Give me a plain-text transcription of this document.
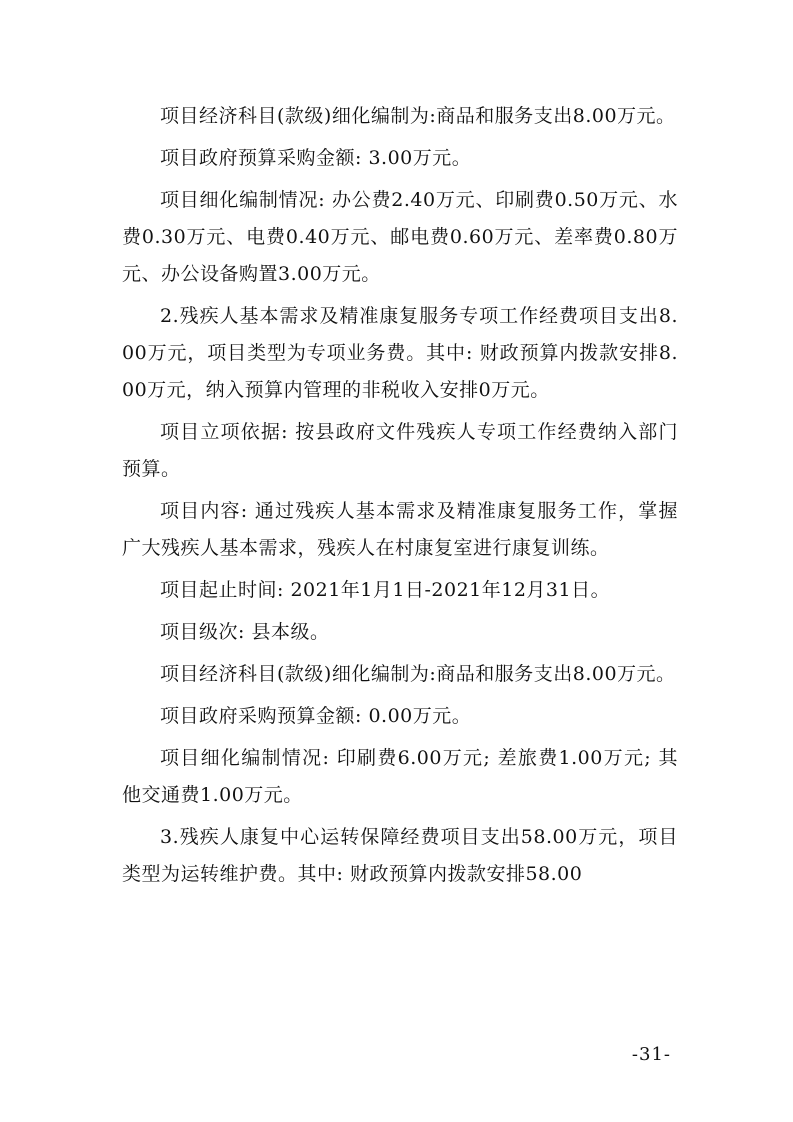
项目经济科目(款级)细化编制为:商品和服务支出8.00万元。

项目政府预算采购金额: 3.00万元。

项目细化编制情况: 办公费2.40万元、印刷费0.50万元、水费0.30万元、电费0.40万元、邮电费0.60万元、差率费0.80万元、办公设备购置3.00万元。

2.残疾人基本需求及精准康复服务专项工作经费项目支出8.00万元，项目类型为专项业务费。其中: 财政预算内拨款安排8.00万元，纳入预算内管理的非税收入安排0万元。

项目立项依据: 按县政府文件残疾人专项工作经费纳入部门预算。

项目内容: 通过残疾人基本需求及精准康复服务工作，掌握广大残疾人基本需求，残疾人在村康复室进行康复训练。

项目起止时间: 2021年1月1日-2021年12月31日。

项目级次: 县本级。

项目经济科目(款级)细化编制为:商品和服务支出8.00万元。

项目政府采购预算金额: 0.00万元。

项目细化编制情况: 印刷费6.00万元; 差旅费1.00万元; 其他交通费1.00万元。

3.残疾人康复中心运转保障经费项目支出58.00万元，项目类型为运转维护费。其中: 财政预算内拨款安排58.00

-31-
